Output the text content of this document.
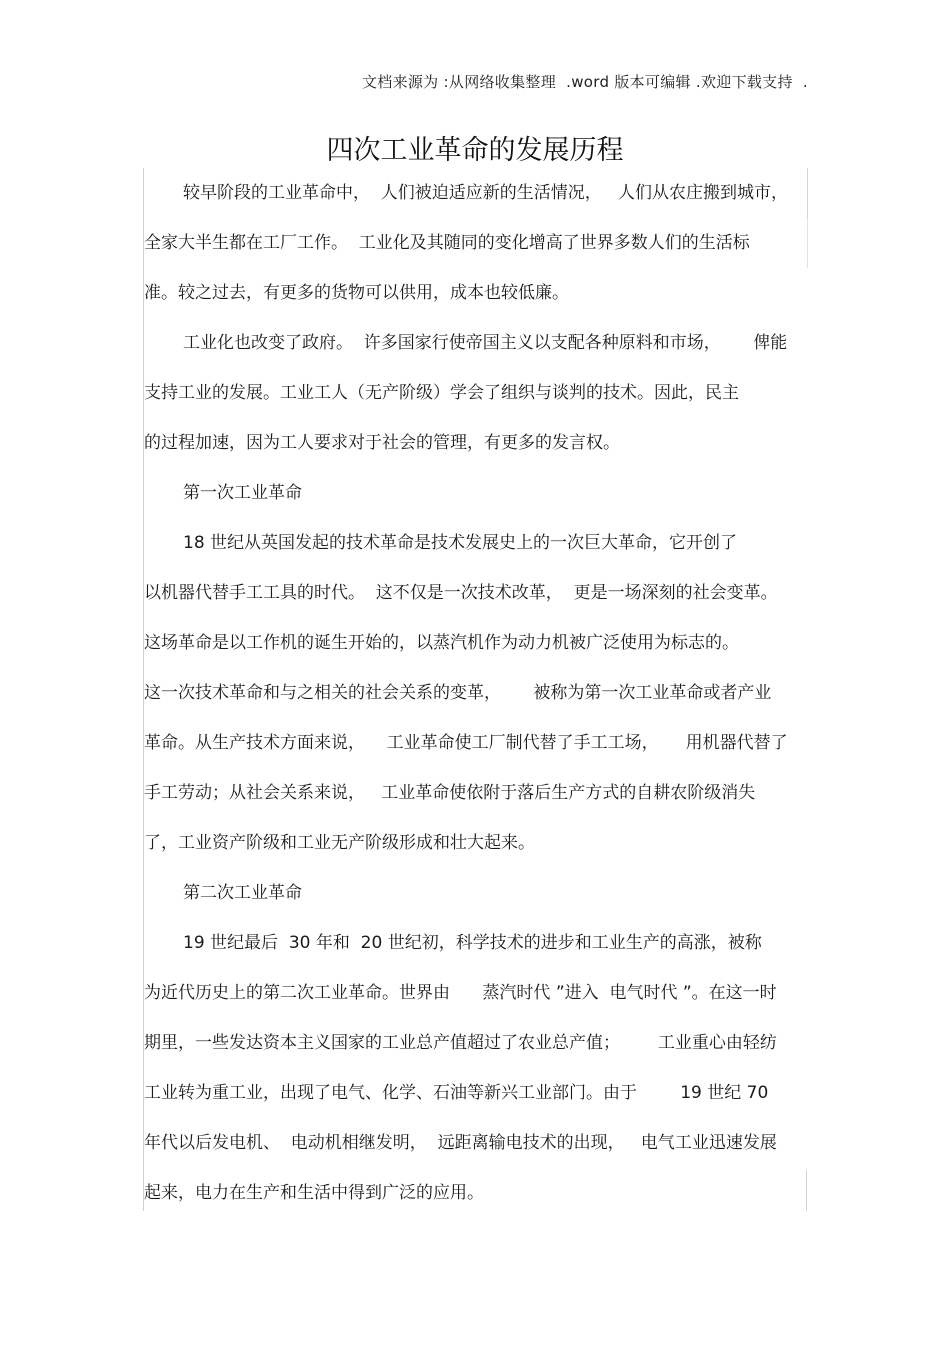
文档来源为 :从网络收集整理  .word 版本可编辑 .欢迎下载支持  .
四次工业革命的发展历程
较早阶段的工业革命中，  人们被迫适应新的生活情况，   人们从农庄搬到城市，
全家大半生都在工厂工作。  工业化及其随同的变化增高了世界多数人们的生活标
准。较之过去，有更多的货物可以供用，成本也较低廉。
工业化也改变了政府。  许多国家行使帝国主义以支配各种原料和市场，      俾能
支持工业的发展。工业工人（无产阶级）学会了组织与谈判的技术。因此，民主
的过程加速，因为工人要求对于社会的管理，有更多的发言权。
第一次工业革命
18 世纪从英国发起的技术革命是技术发展史上的一次巨大革命，它开创了
以机器代替手工工具的时代。  这不仅是一次技术改革，  更是一场深刻的社会变革。
这场革命是以工作机的诞生开始的，以蒸汽机作为动力机被广泛使用为标志的。
这一次技术革命和与之相关的社会关系的变革，      被称为第一次工业革命或者产业
革命。从生产技术方面来说，    工业革命使工厂制代替了手工工场，     用机器代替了
手工劳动；从社会关系来说，   工业革命使依附于落后生产方式的自耕农阶级消失
了，工业资产阶级和工业无产阶级形成和壮大起来。
第二次工业革命
19 世纪最后  30 年和  20 世纪初，科学技术的进步和工业生产的高涨，被称
为近代历史上的第二次工业革命。世界由      蒸汽时代 ”进入  电气时代 ”。在这一时
期里，一些发达资本主义国家的工业总产值超过了农业总产值；       工业重心由轻纺
工业转为重工业，出现了电气、化学、石油等新兴工业部门。由于        19 世纪 70
年代以后发电机、  电动机相继发明，  远距离输电技术的出现，   电气工业迅速发展
起来，电力在生产和生活中得到广泛的应用。
